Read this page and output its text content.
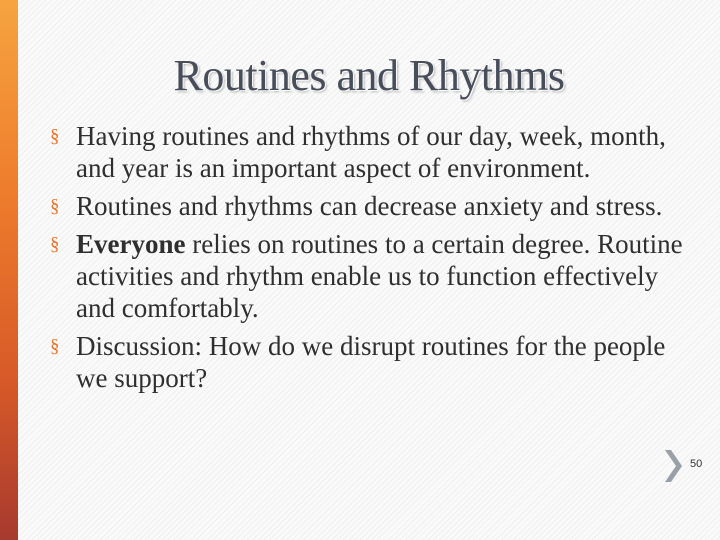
Routines and Rhythms
§ Having routines and rhythms of our day, week, month, and year is an important aspect of environment.
§ Routines and rhythms can decrease anxiety and stress.
§ Everyone relies on routines to a certain degree. Routine activities and rhythm enable us to function effectively and comfortably.
§ Discussion: How do we disrupt routines for the people we support?
50
